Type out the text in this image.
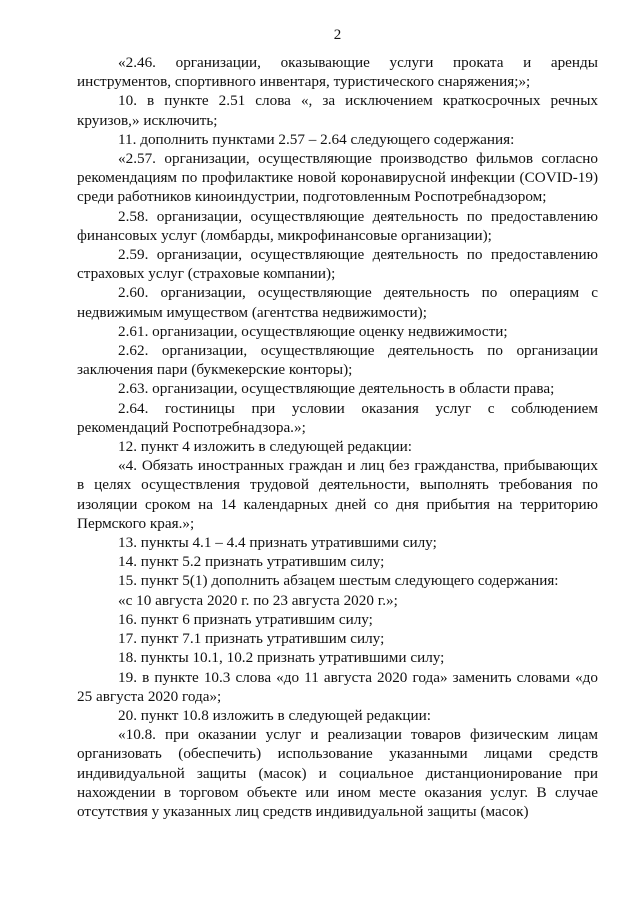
2

«2.46. организации, оказывающие услуги проката и аренды инструментов, спортивного инвентаря, туристического снаряжения;»;

10. в пункте 2.51 слова «, за исключением краткосрочных речных круизов,» исключить;

11. дополнить пунктами 2.57 – 2.64 следующего содержания:

«2.57. организации, осуществляющие производство фильмов согласно рекомендациям по профилактике новой коронавирусной инфекции (COVID-19) среди работников киноиндустрии, подготовленным Роспотребнадзором;

2.58. организации, осуществляющие деятельность по предоставлению финансовых услуг (ломбарды, микрофинансовые организации);

2.59. организации, осуществляющие деятельность по предоставлению страховых услуг (страховые компании);

2.60. организации, осуществляющие деятельность по операциям с недвижимым имуществом (агентства недвижимости);

2.61. организации, осуществляющие оценку недвижимости;

2.62. организации, осуществляющие деятельность по организации заключения пари (букмекерские конторы);

2.63. организации, осуществляющие деятельность в области права;

2.64. гостиницы при условии оказания услуг с соблюдением рекомендаций Роспотребнадзора.»;

12. пункт 4 изложить в следующей редакции:

«4. Обязать иностранных граждан и лиц без гражданства, прибывающих в целях осуществления трудовой деятельности, выполнять требования по изоляции сроком на 14 календарных дней со дня прибытия на территорию Пермского края.»;

13. пункты 4.1 – 4.4 признать утратившими силу;

14. пункт 5.2 признать утратившим силу;

15. пункт 5(1) дополнить абзацем шестым следующего содержания:

«с 10 августа 2020 г. по 23 августа 2020 г.»;

16. пункт 6 признать утратившим силу;

17. пункт 7.1 признать утратившим силу;

18. пункты 10.1, 10.2 признать утратившими силу;

19. в пункте 10.3 слова «до 11 августа 2020 года» заменить словами «до 25 августа 2020 года»;

20. пункт 10.8 изложить в следующей редакции:

«10.8. при оказании услуг и реализации товаров физическим лицам организовать (обеспечить) использование указанными лицами средств индивидуальной защиты (масок) и социальное дистанционирование при нахождении в торговом объекте или ином месте оказания услуг. В случае отсутствия у указанных лиц средств индивидуальной защиты (масок)
